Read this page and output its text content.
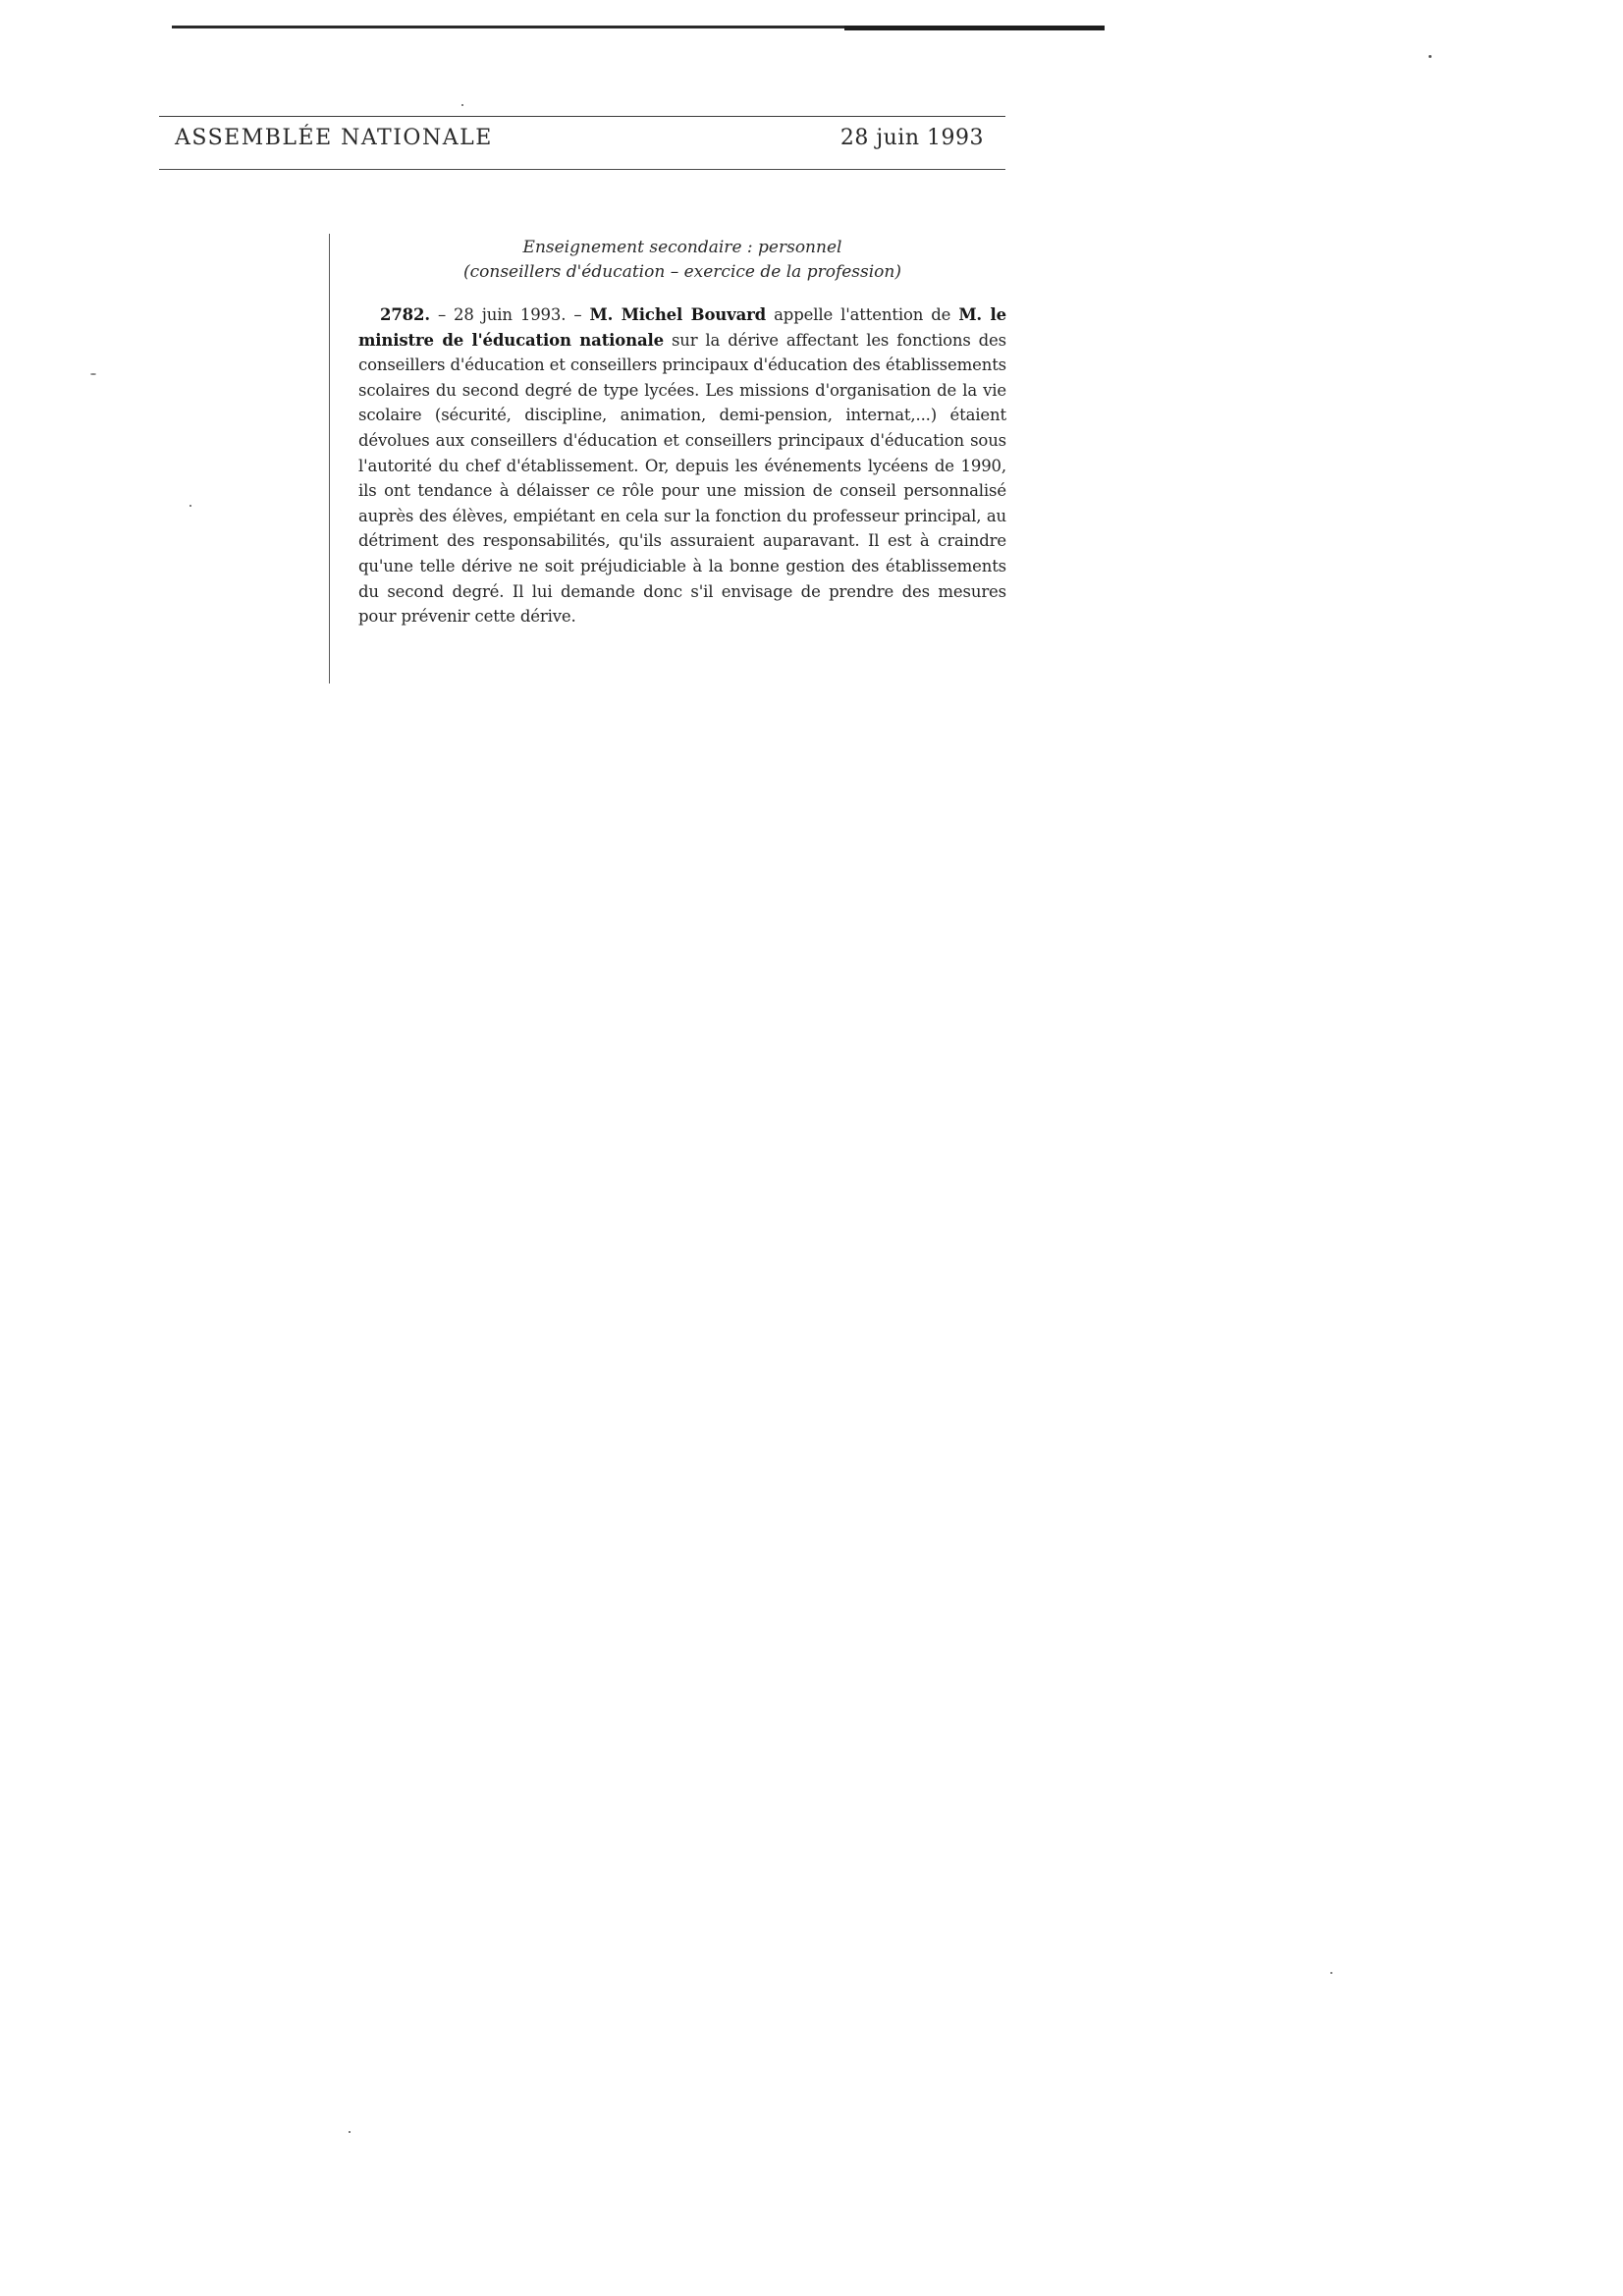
ASSEMBLÉE NATIONALE	28 juin 1993
Enseignement secondaire : personnel
(conseillers d'éducation – exercice de la profession)

2782. – 28 juin 1993. – M. Michel Bouvard appelle l'attention de M. le ministre de l'éducation nationale sur la dérive affectant les fonctions des conseillers d'éducation et conseillers principaux d'éducation des établissements scolaires du second degré de type lycées. Les missions d'organisation de la vie scolaire (sécurité, discipline, animation, demi-pension, internat,...) étaient dévolues aux conseillers d'éducation et conseillers principaux d'éducation sous l'autorité du chef d'établissement. Or, depuis les événements lycéens de 1990, ils ont tendance à délaisser ce rôle pour une mission de conseil personnalisé auprès des élèves, empiétant en cela sur la fonction du professeur principal, au détriment des responsabilités, qu'ils assuraient auparavant. Il est à craindre qu'une telle dérive ne soit préjudiciable à la bonne gestion des établissements du second degré. Il lui demande donc s'il envisage de prendre des mesures pour prévenir cette dérive.
